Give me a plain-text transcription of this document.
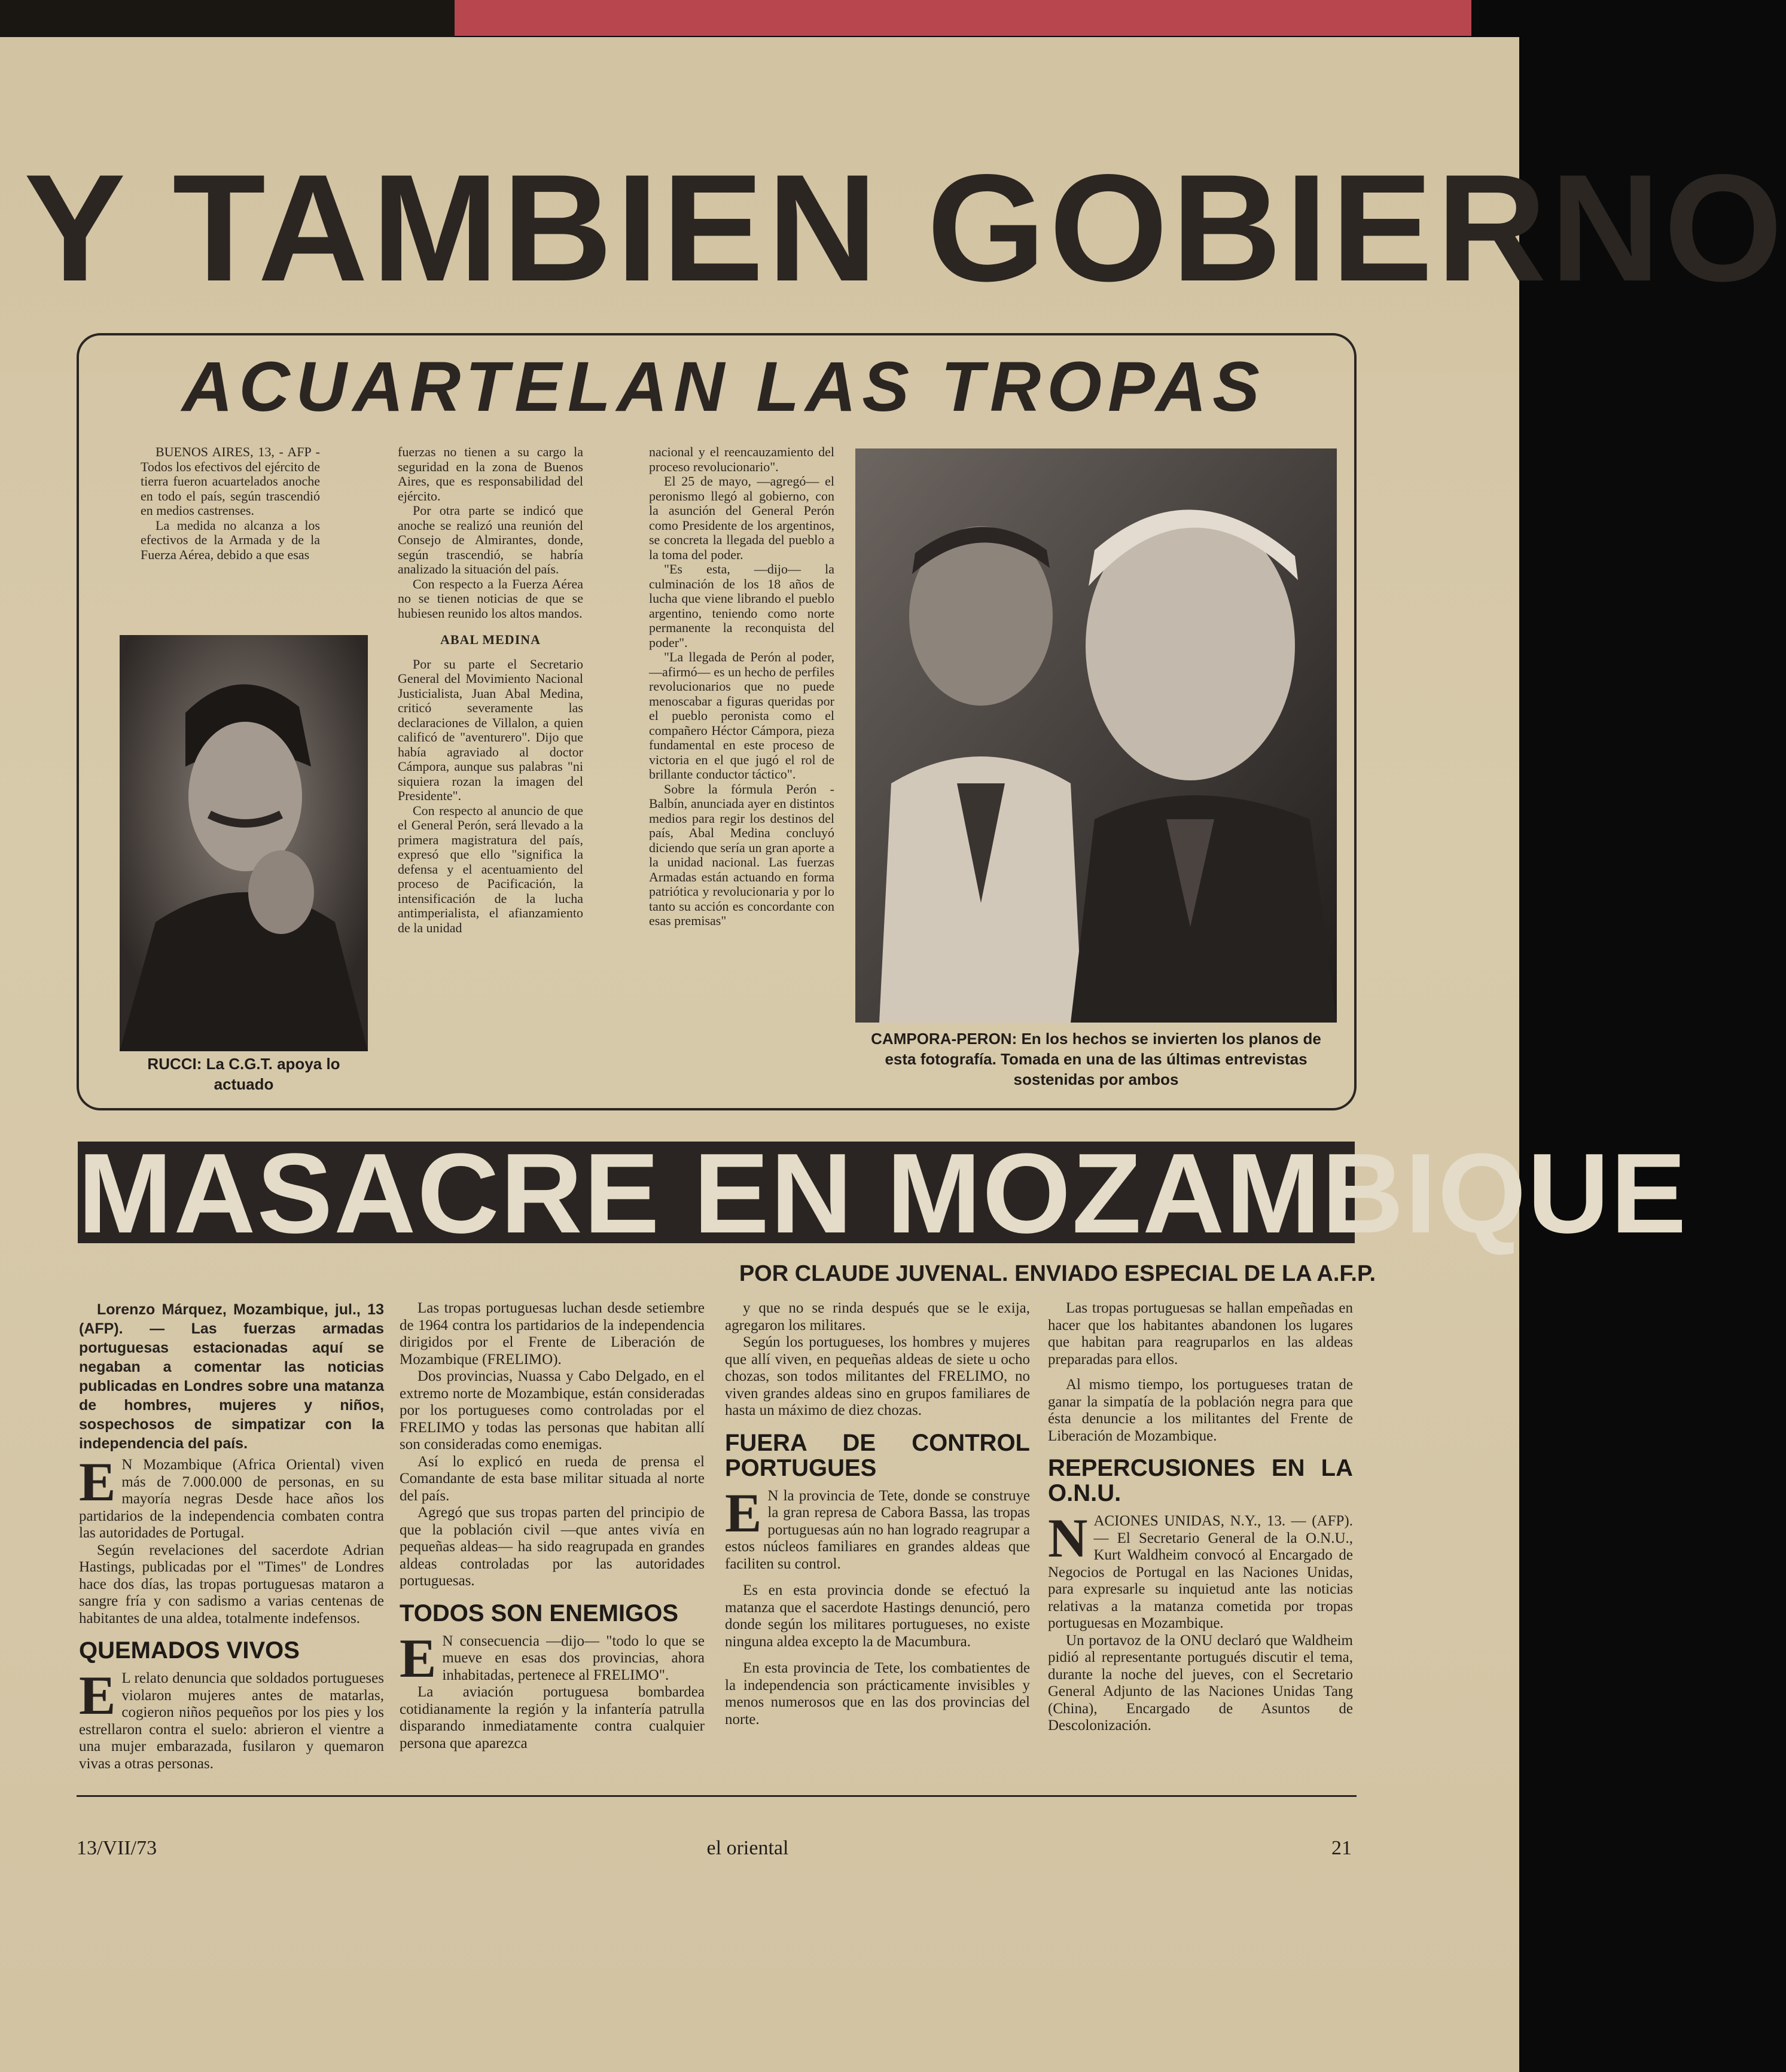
Y TAMBIEN GOBIERNO
ACUARTELAN LAS TROPAS

BUENOS AIRES, 13, - AFP - Todos los efectivos del ejército de tierra fueron acuartelados anoche en todo el país, según trascendió en medios castrenses.

La medida no alcanza a los efectivos de la Armada y de la Fuerza Aérea, debido a que esas

RUCCI: La C.G.T. apoya lo actuado

fuerzas no tienen a su cargo la seguridad en la zona de Buenos Aires, que es responsabilidad del ejército.

Por otra parte se indicó que anoche se realizó una reunión del Consejo de Almirantes, donde, según trascendió, se habría analizado la situación del país.

Con respecto a la Fuerza Aérea no se tienen noticias de que se hubiesen reunido los altos mandos.

ABAL MEDINA

Por su parte el Secretario General del Movimiento Nacional Justicialista, Juan Abal Medina, criticó severamente las declaraciones de Villalon, a quien calificó de "aventurero". Dijo que había agraviado al doctor Cámpora, aunque sus palabras "ni siquiera rozan la imagen del Presidente".

Con respecto al anuncio de que el General Perón, será llevado a la primera magistratura del país, expresó que ello "significa la defensa y el acentuamiento del proceso de Pacificación, la intensificación de la lucha antimperialista, el afianzamiento de la unidad

nacional y el reencauzamiento del proceso revolucionario".

El 25 de mayo, —agregó— el peronismo llegó al gobierno, con la asunción del General Perón como Presidente de los argentinos, se concreta la llegada del pueblo a la toma del poder.

"Es esta, —dijo— la culminación de los 18 años de lucha que viene librando el pueblo argentino, teniendo como norte permanente la reconquista del poder".

"La llegada de Perón al poder, —afirmó— es un hecho de perfiles revolucionarios que no puede menoscabar a figuras queridas por el pueblo peronista como el compañero Héctor Cámpora, pieza fundamental en este proceso de victoria en el que jugó el rol de brillante conductor táctico".

Sobre la fórmula Perón - Balbín, anunciada ayer en distintos medios para regir los destinos del país, Abal Medina concluyó diciendo que sería un gran aporte a la unidad nacional. Las fuerzas Armadas están actuando en forma patriótica y revolucionaria y por lo tanto su acción es concordante con esas premisas"

CAMPORA-PERON: En los hechos se invierten los planos de esta fotografía. Tomada en una de las últimas entrevistas sostenidas por ambos
MASACRE EN MOZAMBIQUE
POR CLAUDE JUVENAL. ENVIADO ESPECIAL DE LA A.F.P.

Lorenzo Márquez, Mozambique, jul., 13 (AFP). — Las fuerzas armadas portuguesas estacionadas aquí se negaban a comentar las noticias publicadas en Londres sobre una matanza de hombres, mujeres y niños, sospechosos de simpatizar con la independencia del país.

E N Mozambique (Africa Oriental) viven más de 7.000.000 de personas, en su mayoría negras Desde hace años los partidarios de la independencia combaten contra las autoridades de Portugal.

Según revelaciones del sacerdote Adrian Hastings, publicadas por el "Times" de Londres hace dos días, las tropas portuguesas mataron a sangre fría y con sadismo a varias centenas de habitantes de una aldea, totalmente indefensos.

QUEMADOS VIVOS

E L relato denuncia que soldados portugueses violaron mujeres antes de matarlas, cogieron niños pequeños por los pies y los estrellaron contra el suelo: abrieron el vientre a una mujer embarazada, fusilaron y quemaron vivas a otras personas.

Las tropas portuguesas luchan desde setiembre de 1964 contra los partidarios de la independencia dirigidos por el Frente de Liberación de Mozambique (FRELIMO).

Dos provincias, Nuassa y Cabo Delgado, en el extremo norte de Mozambique, están consideradas por los portugueses como controladas por el FRELIMO y todas las personas que habitan allí son consideradas como enemigas.

Así lo explicó en rueda de prensa el Comandante de esta base militar situada al norte del país.

Agregó que sus tropas parten del principio de que la población civil —que antes vivía en pequeñas aldeas— ha sido reagrupada en grandes aldeas controladas por las autoridades portuguesas.

TODOS SON ENEMIGOS

E N consecuencia —dijo— "todo lo que se mueve en esas dos provincias, ahora inhabitadas, pertenece al FRELIMO".

La aviación portuguesa bombardea cotidianamente la región y la infantería patrulla disparando inmediatamente contra cualquier persona que aparezca

y que no se rinda después que se le exija, agregaron los militares.

Según los portugueses, los hombres y mujeres que allí viven, en pequeñas aldeas de siete u ocho chozas, son todos militantes del FRELIMO, no viven grandes aldeas sino en grupos familiares de hasta un máximo de diez chozas.

FUERA DE CONTROL PORTUGUES

E N la provincia de Tete, donde se construye la gran represa de Cabora Bassa, las tropas portuguesas aún no han logrado reagrupar a estos núcleos familiares en grandes aldeas que faciliten su control.

Es en esta provincia donde se efectuó la matanza que el sacerdote Hastings denunció, pero donde según los militares portugueses, no existe ninguna aldea excepto la de Macumbura.

En esta provincia de Tete, los combatientes de la independencia son prácticamente invisibles y menos numerosos que en las dos provincias del norte.

Las tropas portuguesas se hallan empeñadas en hacer que los habitantes abandonen los lugares que habitan para reagruparlos en las aldeas preparadas para ellos.

Al mismo tiempo, los portugueses tratan de ganar la simpatía de la población negra para que ésta denuncie a los militantes del Frente de Liberación de Mozambique.

REPERCUSIONES EN LA O.N.U.

NACIONES UNIDAS, N.Y., 13. — (AFP). — El Secretario General de la O.N.U., Kurt Waldheim convocó al Encargado de Negocios de Portugal en las Naciones Unidas, para expresarle su inquietud ante las noticias relativas a la matanza cometida por tropas portuguesas en Mozambique.

Un portavoz de la ONU declaró que Waldheim pidió al representante portugués discutir el tema, durante la noche del jueves, con el Secretario General Adjunto de las Naciones Unidas Tang (China), Encargado de Asuntos de Descolonización.

13/VII/73	el oriental	21
